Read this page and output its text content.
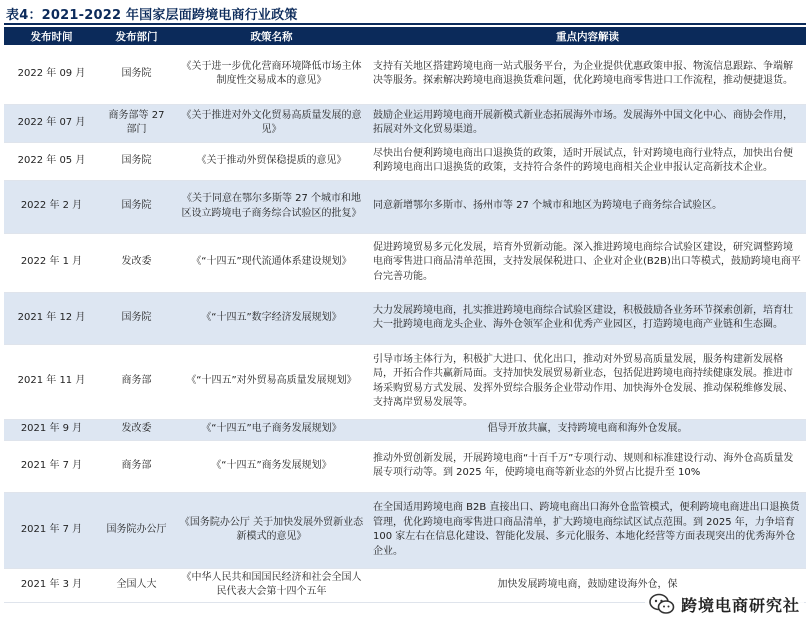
表4：2021-2022 年国家层面跨境电商行业政策
发布时间	发布部门	政策名称	重点内容解读
2022 年 09 月	国务院	《关于进一步优化营商环境降低市场主体制度性交易成本的意见》	支持有关地区搭建跨境电商一站式服务平台，为企业提供优惠政策申报、物流信息跟踪、争端解决等服务。探索解决跨境电商退换货难问题，优化跨境电商零售进口工作流程，推动便捷退货。
2022 年 07 月	商务部等 27 部门	《关于推进对外文化贸易高质量发展的意见》	鼓励企业运用跨境电商开展新模式新业态拓展海外市场。发展海外中国文化中心、商协会作用，拓展对外文化贸易渠道。
2022 年 05 月	国务院	《关于推动外贸保稳提质的意见》	尽快出台便利跨境电商出口退换货的政策，适时开展试点，针对跨境电商行业特点，加快出台便利跨境电商出口退换货的政策，支持符合条件的跨境电商相关企业申报认定高新技术企业。
2022 年 2 月	国务院	《关于同意在鄂尔多斯等 27 个城市和地区设立跨境电子商务综合试验区的批复》	同意新增鄂尔多斯市、扬州市等 27 个城市和地区为跨境电子商务综合试验区。
2022 年 1 月	发改委	《“十四五”现代流通体系建设规划》	促进跨境贸易多元化发展，培育外贸新动能。深入推进跨境电商综合试验区建设，研究调整跨境电商零售进口商品清单范围，支持发展保税进口、企业对企业(B2B)出口等模式，鼓励跨境电商平台完善功能。
2021 年 12 月	国务院	《“十四五”数字经济发展规划》	大力发展跨境电商，扎实推进跨境电商综合试验区建设，积极鼓励各业务环节探索创新，培育壮大一批跨境电商龙头企业、海外仓领军企业和优秀产业园区，打造跨境电商产业链和生态圈。
2021 年 11 月	商务部	《“十四五”对外贸易高质量发展规划》	引导市场主体行为，积极扩大进口、优化出口，推动对外贸易高质量发展，服务构建新发展格局，开拓合作共赢新局面。支持加快发展贸易新业态，包括促进跨境电商持续健康发展。推进市场采购贸易方式发展、发挥外贸综合服务企业带动作用、加快海外仓发展、推动保税维修发展、支持离岸贸易发展等。
2021 年 9 月	发改委	《“十四五”电子商务发展规划》	倡导开放共赢，支持跨境电商和海外仓发展。
2021 年 7 月	商务部	《“十四五”商务发展规划》	推动外贸创新发展，开展跨境电商“十百千万”专项行动、规则和标准建设行动、海外仓高质量发展专项行动等。到 2025 年，使跨境电商等新业态的外贸占比提升至 10%
2021 年 7 月	国务院办公厅	《国务院办公厅 关于加快发展外贸新业态新模式的意见》	在全国适用跨境电商 B2B 直接出口、跨境电商出口海外仓监管模式，便利跨境电商进出口退换货管理，优化跨境电商零售进口商品清单，扩大跨境电商综试区试点范围。到 2025 年，力争培育 100 家左右在信息化建设、智能化发展、多元化服务、本地化经营等方面表现突出的优秀海外仓企业。
2021 年 3 月	全国人大	《中华人民共和国国民经济和社会全国人民代表大会第十四个五年	加快发展跨境电商，鼓励建设海外仓，保
跨境电商研究社
